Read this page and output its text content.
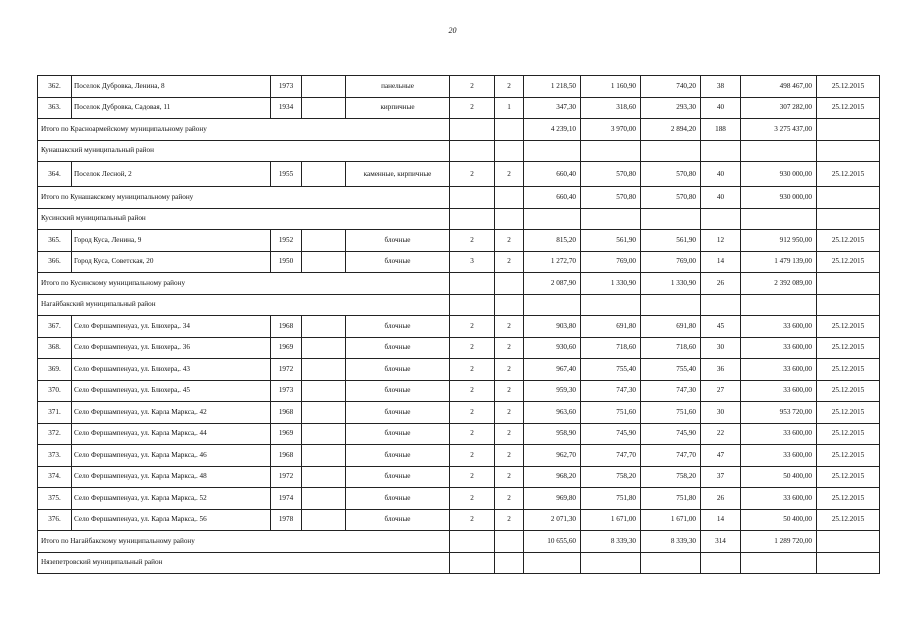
20
362.	Поселок Дубровка, Ленина, 8	1973		панельные	2	2	1 218,50	1 160,90	740,20	38	498 467,00	25.12.2015
363.	Поселок Дубровка, Садовая, 11	1934		кирпичные	2	1	347,30	318,60	293,30	40	307 282,00	25.12.2015
Итого по Красноармейскому муниципальному району							4 239,10	3 970,00	2 894,20	188	3 275 437,00	
Кунашакский муниципальный район												
364.	Поселок Лесной, 2	1955		каменные, кирпичные	2	2	660,40	570,80	570,80	40	930 000,00	25.12.2015
Итого по Кунашакскому муниципальному району							660,40	570,80	570,80	40	930 000,00	
Кусинский муниципальный район												
365.	Город Куса, Ленина, 9	1952		блочные	2	2	815,20	561,90	561,90	12	912 950,00	25.12.2015
366.	Город Куса, Советская, 20	1950		блочные	3	2	1 272,70	769,00	769,00	14	1 479 139,00	25.12.2015
Итого по Кусинскому муниципальному району							2 087,90	1 330,90	1 330,90	26	2 392 089,00	
Нагайбакский муниципальный район												
367.	Село Фершампенуаз, ул. Блюхера,. 34	1968		блочные	2	2	903,80	691,80	691,80	45	33 600,00	25.12.2015
368.	Село Фершампенуаз, ул. Блюхера,. 36	1969		блочные	2	2	930,60	718,60	718,60	30	33 600,00	25.12.2015
369.	Село Фершампенуаз, ул. Блюхера,. 43	1972		блочные	2	2	967,40	755,40	755,40	36	33 600,00	25.12.2015
370.	Село Фершампенуаз, ул. Блюхера,. 45	1973		блочные	2	2	959,30	747,30	747,30	27	33 600,00	25.12.2015
371.	Село Фершампенуаз, ул. Карла Маркса,. 42	1968		блочные	2	2	963,60	751,60	751,60	30	953 720,00	25.12.2015
372.	Село Фершампенуаз, ул. Карла Маркса,. 44	1969		блочные	2	2	958,90	745,90	745,90	22	33 600,00	25.12.2015
373.	Село Фершампенуаз, ул. Карла Маркса,. 46	1968		блочные	2	2	962,70	747,70	747,70	47	33 600,00	25.12.2015
374.	Село Фершампенуаз, ул. Карла Маркса,. 48	1972		блочные	2	2	968,20	758,20	758,20	37	50 400,00	25.12.2015
375.	Село Фершампенуаз, ул. Карла Маркса,. 52	1974		блочные	2	2	969,80	751,80	751,80	26	33 600,00	25.12.2015
376.	Село Фершампенуаз, ул. Карла Маркса,. 56	1978		блочные	2	2	2 071,30	1 671,00	1 671,00	14	50 400,00	25.12.2015
Итого по Нагайбакскому муниципальному району							10 655,60	8 339,30	8 339,30	314	1 289 720,00	
Нязепетровский муниципальный район												
